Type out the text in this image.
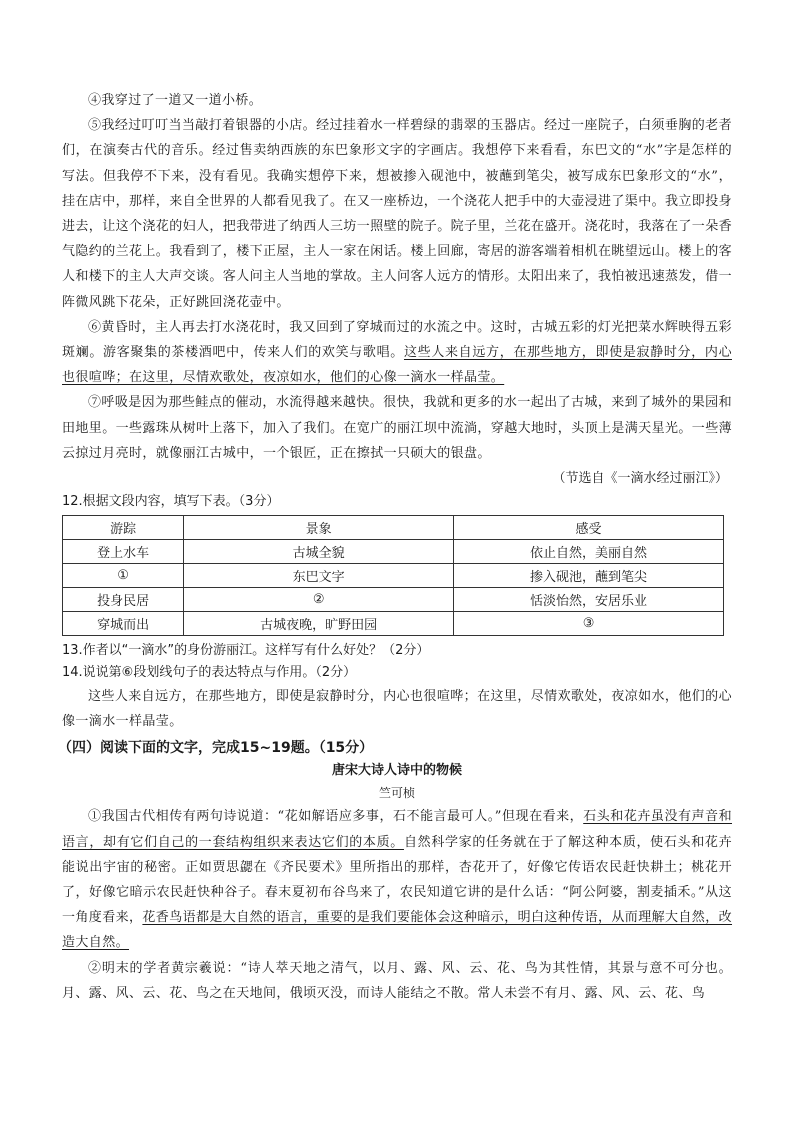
④我穿过了一道又一道小桥。

⑤我经过叮叮当当敲打着银器的小店。经过挂着水一样碧绿的翡翠的玉器店。经过一座院子，白须垂胸的老者们，在演奏古代的音乐。经过售卖纳西族的东巴象形文字的字画店。我想停下来看看，东巴文的“水”字是怎样的写法。但我停不下来，没有看见。我确实想停下来，想被掺入砚池中，被蘸到笔尖，被写成东巴象形文的“水”，挂在店中，那样，来自全世界的人都看见我了。在又一座桥边，一个浇花人把手中的大壶浸进了渠中。我立即投身进去，让这个浇花的妇人，把我带进了纳西人三坊一照壁的院子。院子里，兰花在盛开。浇花时，我落在了一朵香气隐约的兰花上。我看到了，楼下正屋，主人一家在闲话。楼上回廊，寄居的游客端着相机在眺望远山。楼上的客人和楼下的主人大声交谈。客人问主人当地的掌故。主人问客人远方的情形。太阳出来了，我怕被迅速蒸发，借一阵微风跳下花朵，正好跳回浇花壶中。

⑥黄昏时，主人再去打水浇花时，我又回到了穿城而过的水流之中。这时，古城五彩的灯光把菜水辉映得五彩斑斓。游客聚集的茶楼酒吧中，传来人们的欢笑与歌唱。这些人来自远方，在那些地方，即使是寂静时分，内心也很喧哗；在这里，尽情欢歌处，夜凉如水，他们的心像一滴水一样晶莹。

⑦呼吸是因为那些鲑点的催动，水流得越来越快。很快，我就和更多的水一起出了古城，来到了城外的果园和田地里。一些露珠从树叶上落下，加入了我们。在宽广的丽江坝中流淌，穿越大地时，头顶上是满天星光。一些薄云掠过月亮时，就像丽江古城中，一个银匠，正在擦拭一只硕大的银盘。

（节选自《一滴水经过丽江》）

12.根据文段内容，填写下表。（3分）

游踪	景象	感受
登上水车	古城全貌	依止自然，美丽自然
①	东巴文字	掺入砚池，蘸到笔尖
投身民居	②	恬淡怡然，安居乐业
穿城而出	古城夜晚，旷野田园	③

13.作者以“一滴水”的身份游丽江。这样写有什么好处？（2分）

14.说说第⑥段划线句子的表达特点与作用。（2分）

这些人来自远方，在那些地方，即使是寂静时分，内心也很喧哗；在这里，尽情欢歌处，夜凉如水，他们的心像一滴水一样晶莹。

（四）阅读下面的文字，完成15~19题。（15分）

唐宋大诗人诗中的物候

竺可桢

①我国古代相传有两句诗说道：“花如解语应多事，石不能言最可人。”但现在看来，石头和花卉虽没有声音和语言，却有它们自己的一套结构组织来表达它们的本质。自然科学家的任务就在于了解这种本质，使石头和花卉能说出宇宙的秘密。正如贾思勰在《齐民要术》里所指出的那样，杏花开了，好像它传语农民赶快耕土；桃花开了，好像它暗示农民赶快种谷子。春末夏初布谷鸟来了，农民知道它讲的是什么话：“阿公阿婆，割麦插禾。”从这一角度看来，花香鸟语都是大自然的语言，重要的是我们要能体会这种暗示，明白这种传语，从而理解大自然，改造大自然。

②明末的学者黄宗羲说：“诗人萃天地之清气，以月、露、风、云、花、鸟为其性情，其景与意不可分也。月、露、风、云、花、鸟之在天地间，俄顷灭没，而诗人能结之不散。常人未尝不有月、露、风、云、花、鸟
